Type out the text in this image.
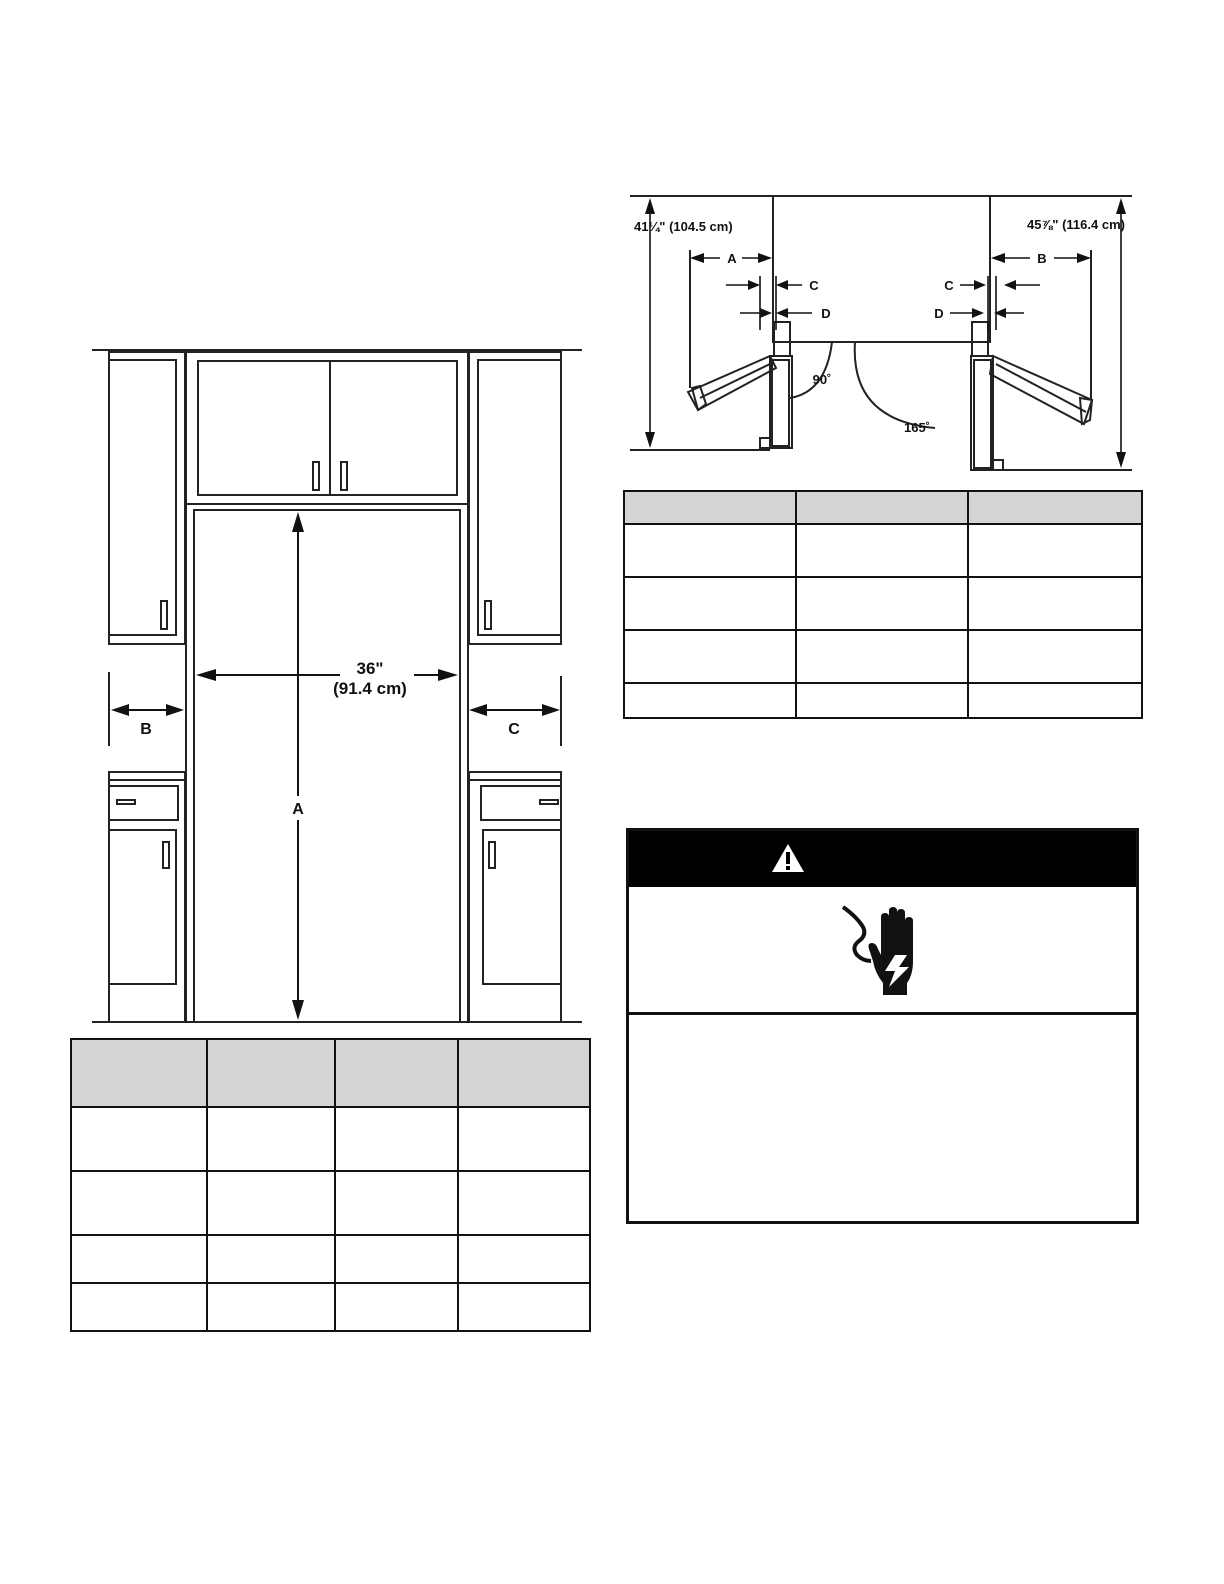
36"
(91.4 cm)
A
B	C

41¼" (104.5 cm)	45⅞" (116.4 cm)
A	B
C	C
D	D
90˚
165˚
